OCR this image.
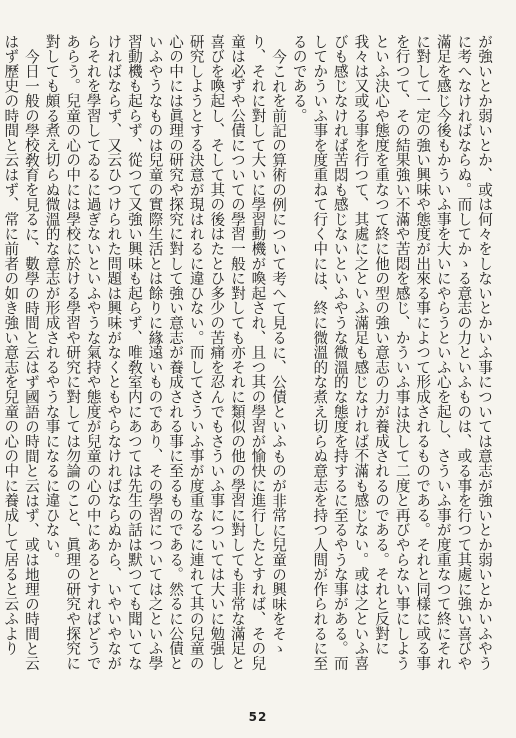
が強いとか弱いとか、或は何々をしないとかいふ事については意志が強いとか弱いとかいふやうに考へなければならぬ。而してかゝる意志の力といふものは、或る事を行つて其處に強い喜びや滿足を感じ今後もかういふ事を大いにやらうといふ心を起し、さういふ事が度重なつて終にそれに對して一定の強い興味や態度が出來る事によつて形成されるものである。それと同樣に或る事を行つて、その結果強い不滿や苦悶を感じ、かういふ事は決して二度と再びやらない事にしようといふ決心や態度を重なつて終に他の型の強い意志の力が養成されるのである。それと反對に我々は又或る事を行つて、其處に之といふ滿足も感じなければ不滿も感じない。或は之といふ喜びも感じなければ苦悶も感じないといふやうな微溫的な態度を持するに至るやうな事がある。而してかういふ事を度重ねて行く中には、終に微溫的な煮え切らぬ意志を持つ人間が作られるに至るのである。

今これを前記の算術の例について考へて見るに、公債といふものが非常に兒童の興味をそゝり、それに對して大いに學習動機が喚起され、且つ其の學習が愉快に進行したとすれば、その兒童は必ずや公債についての學習一般に對しても亦それに類似の他の學習に對しても非常な滿足と喜びを喚起し、そして其の後はたとひ多少の苦痛を忍んでもさういふ事については大いに勉强し研究しようとする決意が現はれるに違ひない。而してさういふ事が度重なるに連れて其の兒童の心の中には眞理の研究や探究に對して強い意志が養成される事に至るものである。然るに公債といふやうなものは兒童の實際生活とは餘りに緣遠いものであり、その學習については之といふ學習動機も起らず、從つて又強い興味も起らず、唯敎室内にあつては先生の話は默つても聞いてなければならず、又云ひつけられた問題は興味がなくともやらなければならぬから、いやいやながらそれを學習してゐるに過ぎないといふやうな氣持や態度が兒童の心の中にあるとすればどうであらう。兒童の心の中には學校に於ける學習や研究に對しては勿論のこと、眞理の研究や探究に對しても頗る煮え切らぬ微溫的な意志が形成されるやうな事になるに違ひない。

今日一般の學校敎育を見るに、數學の時間と云はず國語の時間と云はず、或は地理の時間と云はず歷史の時間と云はず、常に前者の如き強い意志を兒童の心の中に養成して居ると云ふより

52
